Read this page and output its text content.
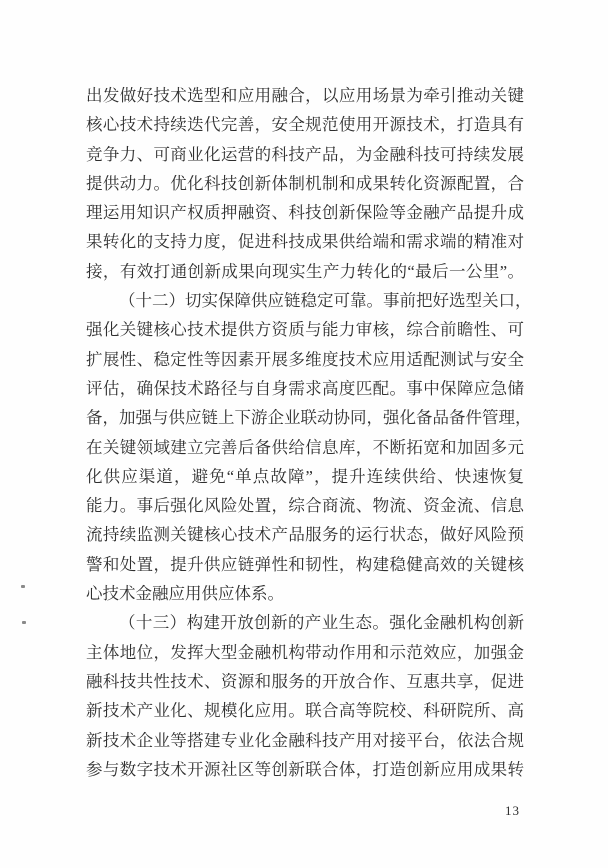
出发做好技术选型和应用融合，以应用场景为牵引推动关键
核心技术持续迭代完善，安全规范使用开源技术，打造具有
竞争力、可商业化运营的科技产品，为金融科技可持续发展
提供动力。优化科技创新体制机制和成果转化资源配置，合
理运用知识产权质押融资、科技创新保险等金融产品提升成
果转化的支持力度，促进科技成果供给端和需求端的精准对
接，有效打通创新成果向现实生产力转化的“最后一公里”。
（十二）切实保障供应链稳定可靠。事前把好选型关口，
强化关键核心技术提供方资质与能力审核，综合前瞻性、可
扩展性、稳定性等因素开展多维度技术应用适配测试与安全
评估，确保技术路径与自身需求高度匹配。事中保障应急储
备，加强与供应链上下游企业联动协同，强化备品备件管理，
在关键领域建立完善后备供给信息库，不断拓宽和加固多元
化供应渠道，避免“单点故障”，提升连续供给、快速恢复
能力。事后强化风险处置，综合商流、物流、资金流、信息
流持续监测关键核心技术产品服务的运行状态，做好风险预
警和处置，提升供应链弹性和韧性，构建稳健高效的关键核
心技术金融应用供应体系。
（十三）构建开放创新的产业生态。强化金融机构创新
主体地位，发挥大型金融机构带动作用和示范效应，加强金
融科技共性技术、资源和服务的开放合作、互惠共享，促进
新技术产业化、规模化应用。联合高等院校、科研院所、高
新技术企业等搭建专业化金融科技产用对接平台，依法合规
参与数字技术开源社区等创新联合体，打造创新应用成果转
13
